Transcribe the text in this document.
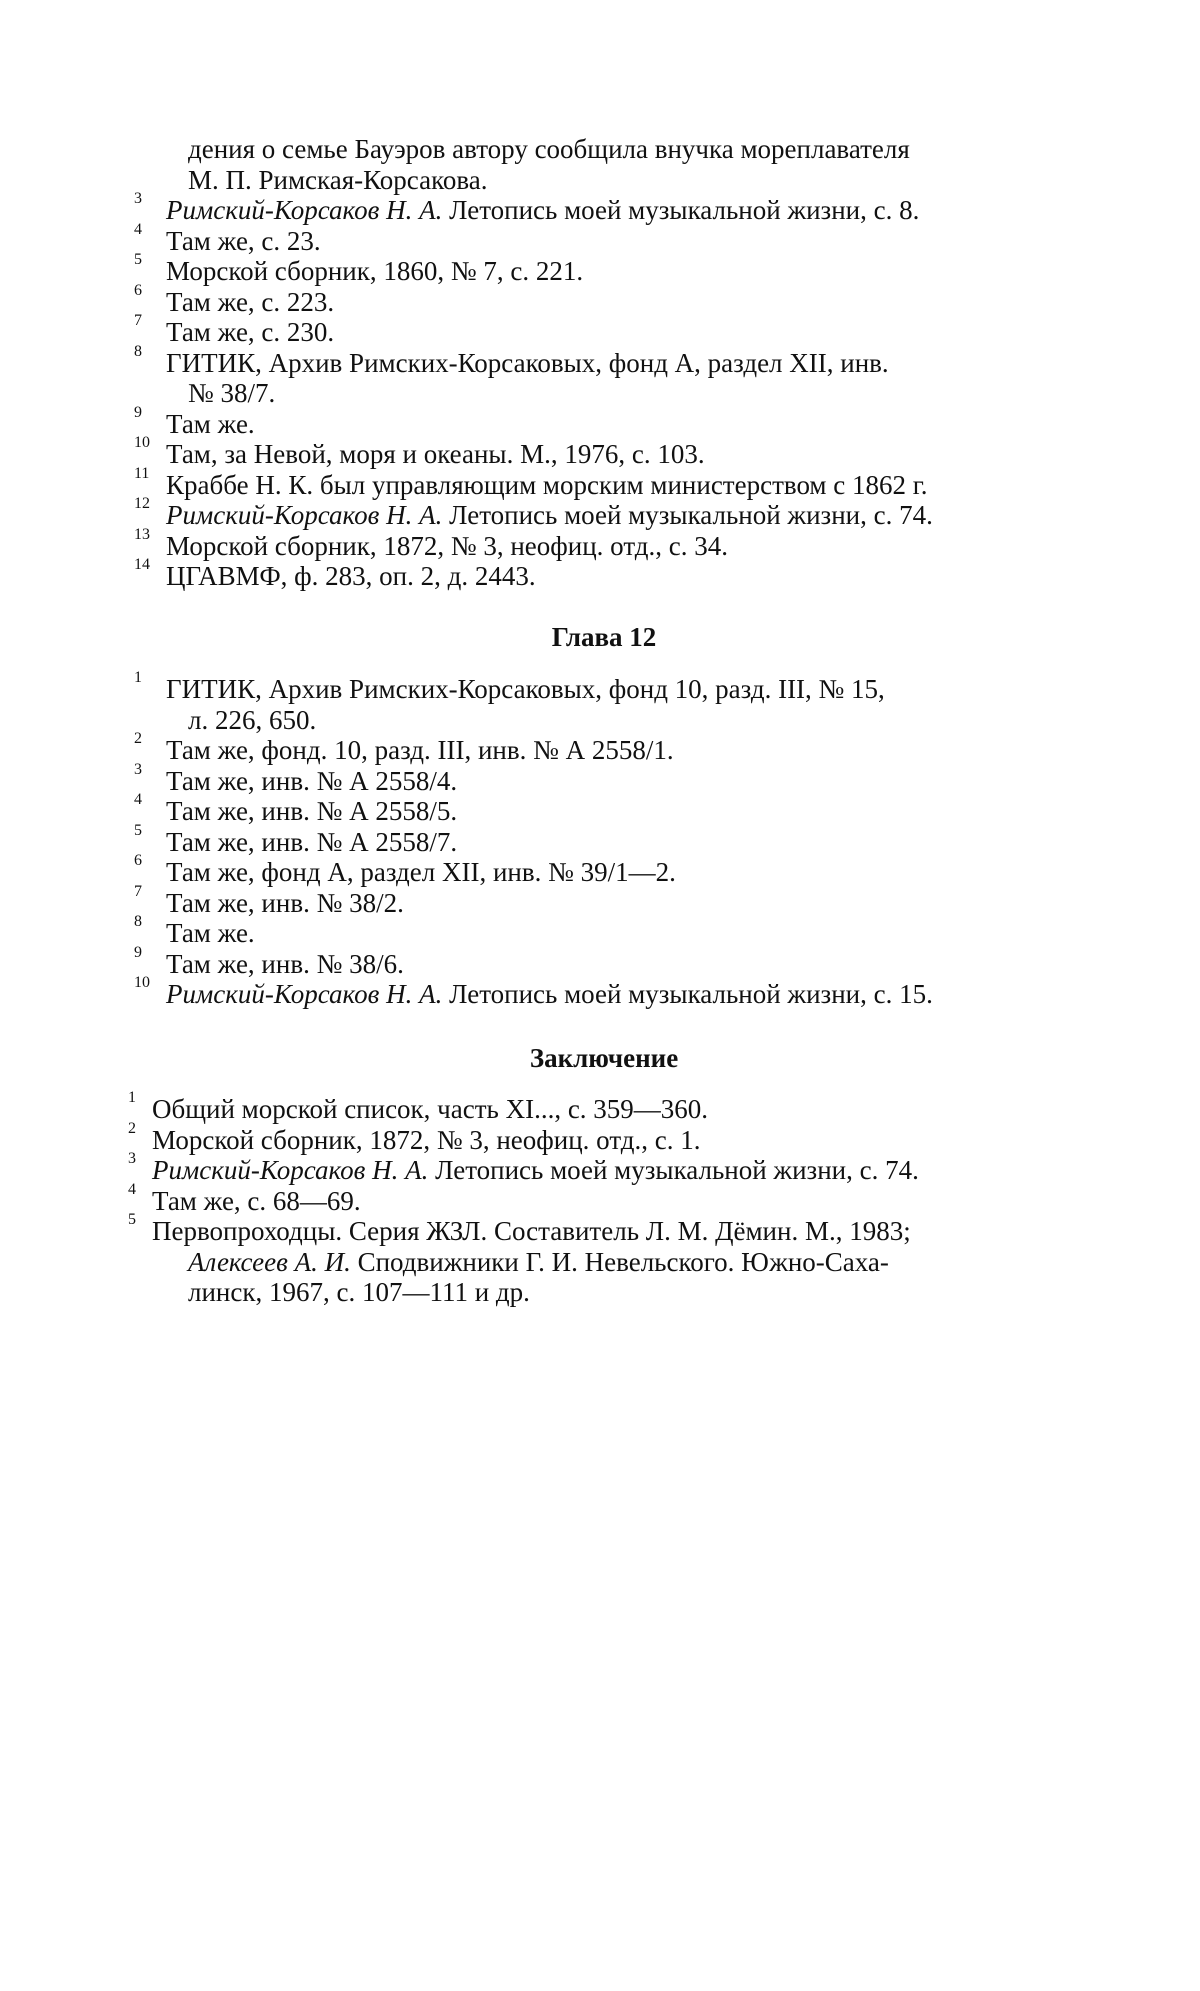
дения о семье Бауэров автору сообщила внучка мореплавателя
М. П. Римская-Корсакова.
3 Римский-Корсаков Н. А. Летопись моей музыкальной жизни, с. 8.
4 Там же, с. 23.
5 Морской сборник, 1860, № 7, с. 221.
6 Там же, с. 223.
7 Там же, с. 230.
8 ГИТИК, Архив Римских-Корсаковых, фонд А, раздел XII, инв.
№ 38/7.
9 Там же.
10 Там, за Невой, моря и океаны. М., 1976, с. 103.
11 Краббе Н. К. был управляющим морским министерством с 1862 г.
12 Римский-Корсаков Н. А. Летопись моей музыкальной жизни, с. 74.
13 Морской сборник, 1872, № 3, неофиц. отд., с. 34.
14 ЦГАВМФ, ф. 283, оп. 2, д. 2443.
Глава 12
1 ГИТИК, Архив Римских-Корсаковых, фонд 10, разд. III, № 15,
л. 226, 650.
2 Там же, фонд. 10, разд. III, инв. № А 2558/1.
3 Там же, инв. № А 2558/4.
4 Там же, инв. № А 2558/5.
5 Там же, инв. № А 2558/7.
6 Там же, фонд А, раздел XII, инв. № 39/1—2.
7 Там же, инв. № 38/2.
8 Там же.
9 Там же, инв. № 38/6.
10 Римский-Корсаков Н. А. Летопись моей музыкальной жизни, с. 15.
Заключение
1 Общий морской список, часть XI..., с. 359—360.
2 Морской сборник, 1872, № 3, неофиц. отд., с. 1.
3 Римский-Корсаков Н. А. Летопись моей музыкальной жизни, с. 74.
4 Там же, с. 68—69.
5 Первопроходцы. Серия ЖЗЛ. Составитель Л. М. Дёмин. М., 1983;
Алексеев А. И. Сподвижники Г. И. Невельского. Южно-Саха-
линск, 1967, с. 107—111 и др.
